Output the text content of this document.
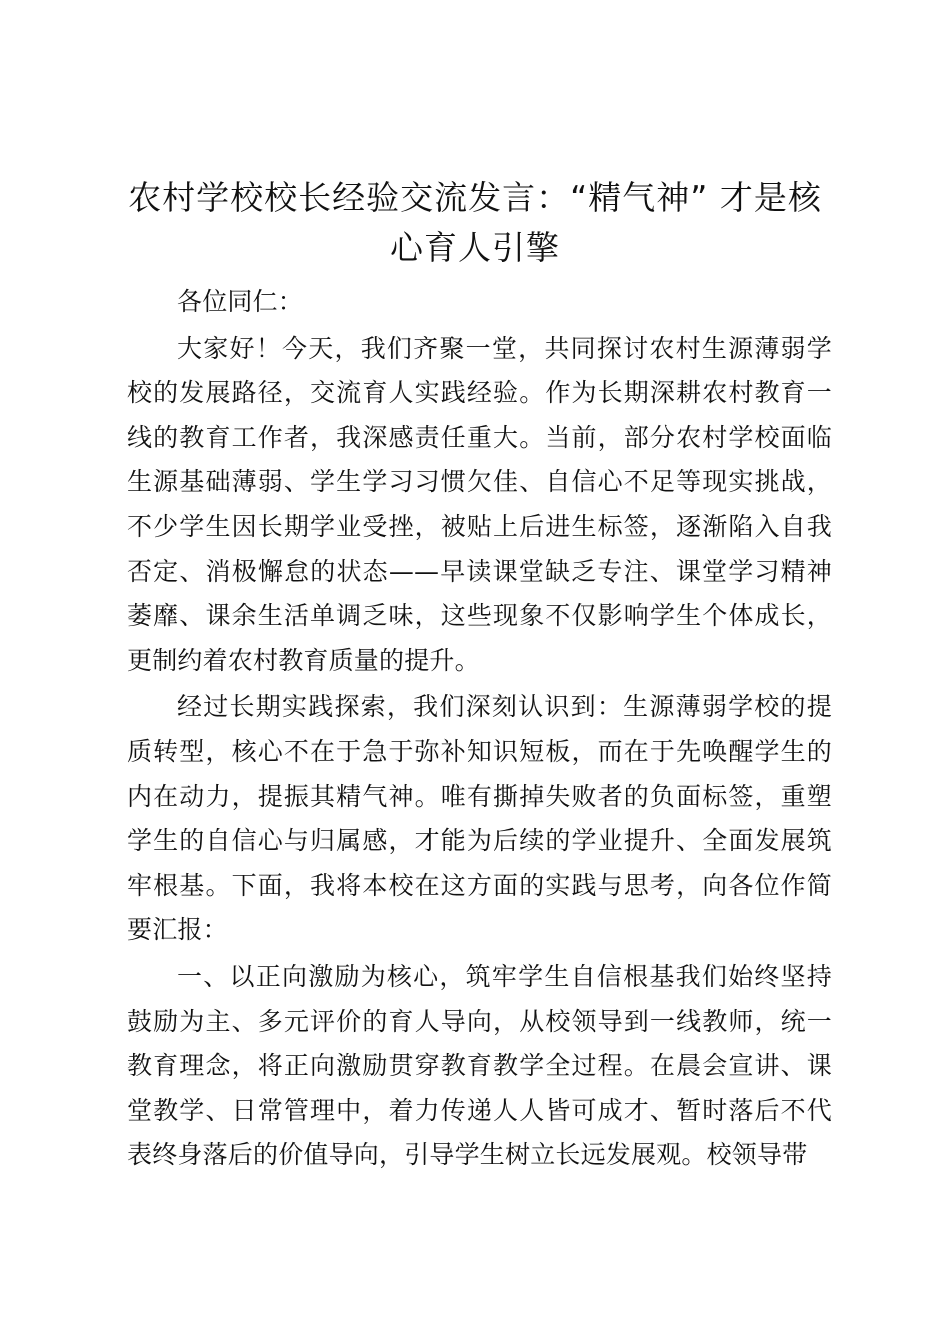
农村学校校长经验交流发言：“精气神” 才是核心育人引擎

各位同仁：

大家好！今天，我们齐聚一堂，共同探讨农村生源薄弱学校的发展路径，交流育人实践经验。作为长期深耕农村教育一线的教育工作者，我深感责任重大。当前，部分农村学校面临生源基础薄弱、学生学习习惯欠佳、自信心不足等现实挑战，不少学生因长期学业受挫，被贴上后进生标签，逐渐陷入自我否定、消极懈怠的状态——早读课堂缺乏专注、课堂学习精神萎靡、课余生活单调乏味，这些现象不仅影响学生个体成长，更制约着农村教育质量的提升。

经过长期实践探索，我们深刻认识到：生源薄弱学校的提质转型，核心不在于急于弥补知识短板，而在于先唤醒学生的内在动力，提振其精气神。唯有撕掉失败者的负面标签，重塑学生的自信心与归属感，才能为后续的学业提升、全面发展筑牢根基。下面，我将本校在这方面的实践与思考，向各位作简要汇报：

一、以正向激励为核心，筑牢学生自信根基我们始终坚持鼓励为主、多元评价的育人导向，从校领导到一线教师，统一教育理念，将正向激励贯穿教育教学全过程。在晨会宣讲、课堂教学、日常管理中，着力传递人人皆可成才、暂时落后不代表终身落后的价值导向，引导学生树立长远发展观。校领导带
